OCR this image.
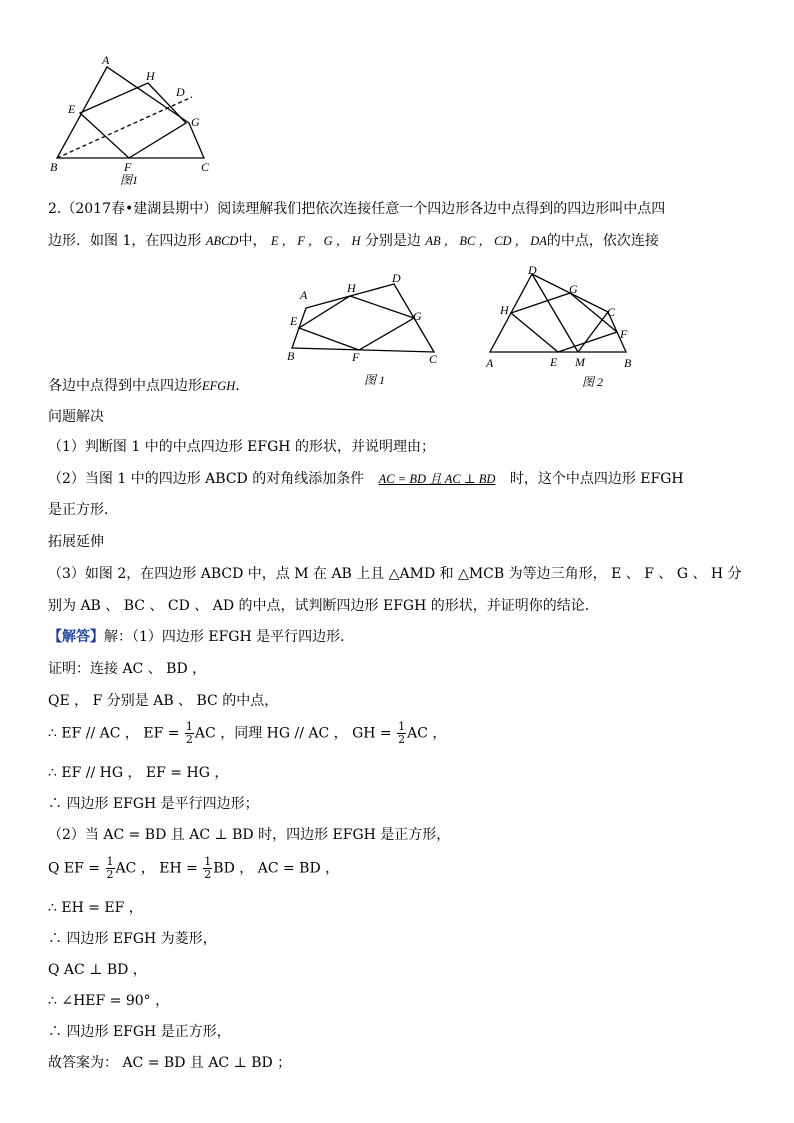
A
H
D
E
G
B	F	C
图1
2.（2017春•建湖县期中）阅读理解我们把依次连接任意一个四边形各边中点得到的四边形叫中点四
边形．如图 1，在四边形 ABCD中， E ， F ， G ， H 分别是边 AB ， BC ， CD ， DA的中点，依次连接
A	H
D
E	G
B	F	C
图 1
D
G
H	C
F
A	E M	B
图 2
各边中点得到中点四边形EFGH．
问题解决
（1）判断图 1 中的中点四边形 EFGH 的形状，并说明理由；
（2）当图 1 中的四边形 ABCD 的对角线添加条件 AC = BD 且 AC ⊥ BD 时，这个中点四边形 EFGH
是正方形．
拓展延伸
（3）如图 2，在四边形 ABCD 中，点 M 在 AB 上且 △AMD 和 △MCB 为等边三角形， E 、 F 、 G 、 H 分
别为 AB 、 BC 、 CD 、 AD 的中点，试判断四边形 EFGH 的形状，并证明你的结论．
【解答】解：（1）四边形 EFGH 是平行四边形．
证明：连接 AC 、 BD ，
QE ， F 分别是 AB 、 BC 的中点，
∴ EF // AC ， EF = $\frac{1}{2}$ AC ，同理 HG // AC ， GH = $\frac{1}{2}$ AC ，
∴ EF // HG ， EF = HG ，
∴ 四边形 EFGH 是平行四边形；
（2）当 AC = BD 且 AC ⊥ BD 时，四边形 EFGH 是正方形，
Q EF = $\frac{1}{2}$ AC ， EH = $\frac{1}{2}$ BD ， AC = BD ，
∴ EH = EF ，
∴ 四边形 EFGH 为菱形，
Q AC ⊥ BD ，
∴ ∠HEF = 90° ，
∴ 四边形 EFGH 是正方形，
故答案为： AC = BD 且 AC ⊥ BD ；
